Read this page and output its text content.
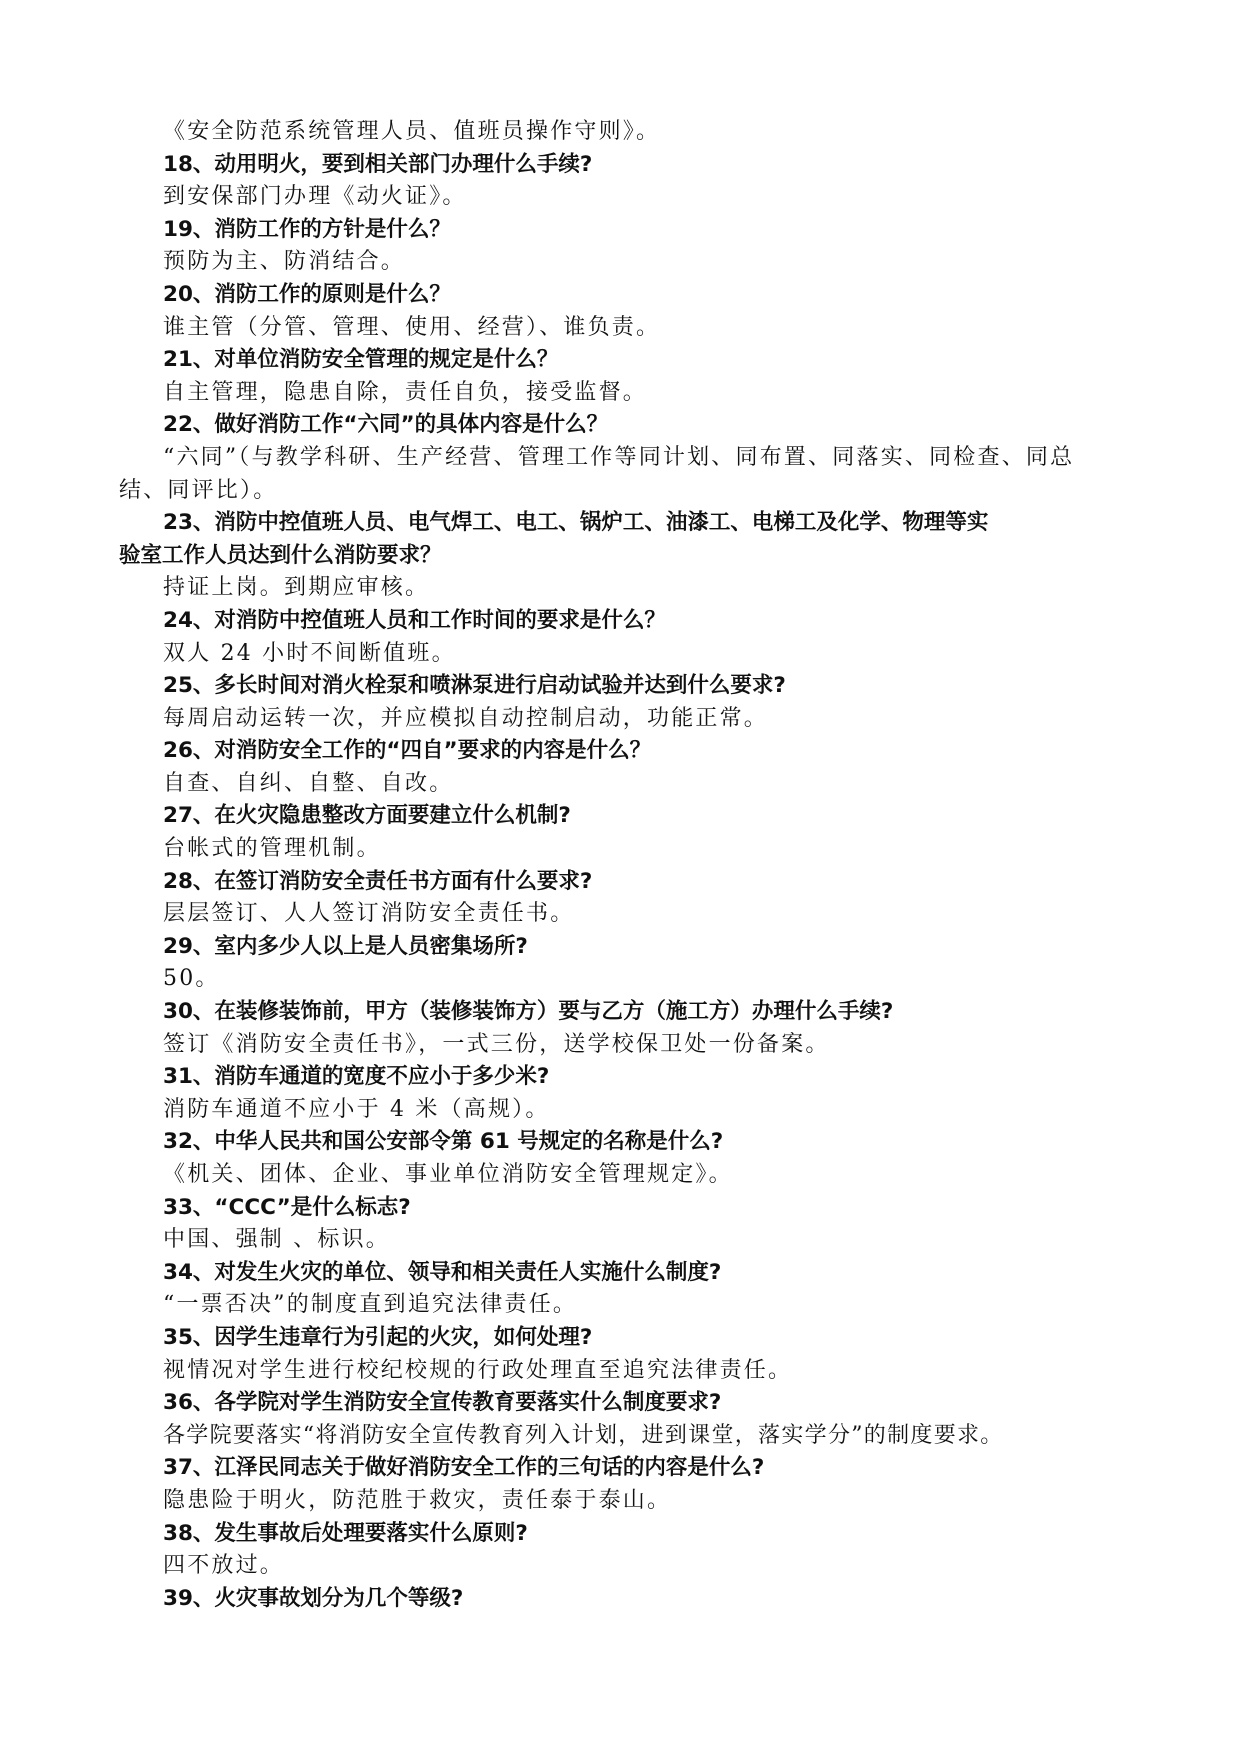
《安全防范系统管理人员、值班员操作守则》。
18、动用明火，要到相关部门办理什么手续?
到安保部门办理《动火证》。
19、消防工作的方针是什么？
预防为主、防消结合。
20、消防工作的原则是什么？
谁主管（分管、管理、使用、经营）、谁负责。
21、对单位消防安全管理的规定是什么？
自主管理，隐患自除，责任自负，接受监督。
22、做好消防工作“六同”的具体内容是什么？
“六同”（与教学科研、生产经营、管理工作等同计划、同布置、同落实、同检查、同总
结、同评比）。
23、消防中控值班人员、电气焊工、电工、锅炉工、油漆工、电梯工及化学、物理等实
验室工作人员达到什么消防要求？
持证上岗。到期应审核。
24、对消防中控值班人员和工作时间的要求是什么？
双人 24 小时不间断值班。
25、多长时间对消火栓泵和喷淋泵进行启动试验并达到什么要求?
每周启动运转一次，并应模拟自动控制启动，功能正常。
26、对消防安全工作的“四自”要求的内容是什么？
自查、自纠、自整、自改。
27、在火灾隐患整改方面要建立什么机制?
台帐式的管理机制。
28、在签订消防安全责任书方面有什么要求?
层层签订、人人签订消防安全责任书。
29、室内多少人以上是人员密集场所?
50。
30、在装修装饰前，甲方（装修装饰方）要与乙方（施工方）办理什么手续?
签订《消防安全责任书》，一式三份，送学校保卫处一份备案。
31、消防车通道的宽度不应小于多少米?
消防车通道不应小于 4 米（高规）。
32、中华人民共和国公安部令第 61 号规定的名称是什么?
《机关、团体、企业、事业单位消防安全管理规定》。
33、“CCC”是什么标志?
中国、强制 、标识。
34、对发生火灾的单位、领导和相关责任人实施什么制度?
“一票否决”的制度直到追究法律责任。
35、因学生违章行为引起的火灾，如何处理?
视情况对学生进行校纪校规的行政处理直至追究法律责任。
36、各学院对学生消防安全宣传教育要落实什么制度要求?
各学院要落实“将消防安全宣传教育列入计划，进到课堂，落实学分”的制度要求。
37、江泽民同志关于做好消防安全工作的三句话的内容是什么?
隐患险于明火，防范胜于救灾，责任泰于泰山。
38、发生事故后处理要落实什么原则?
四不放过。
39、火灾事故划分为几个等级?
